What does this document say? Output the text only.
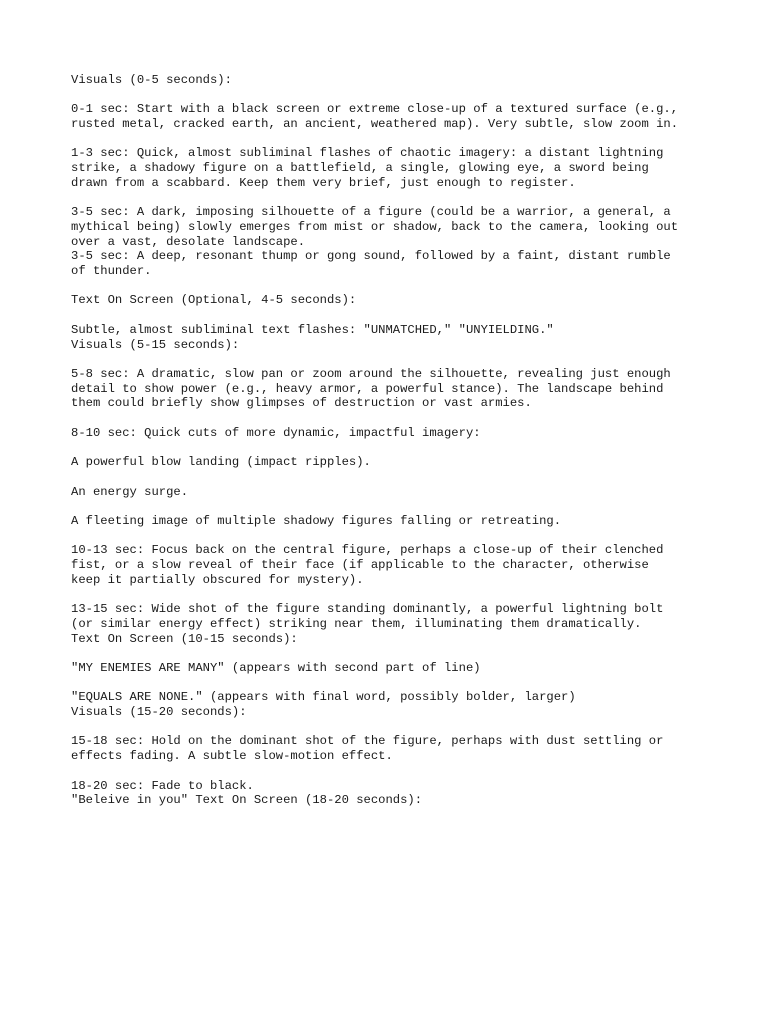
Visuals (0-5 seconds):
0-1 sec: Start with a black screen or extreme close-up of a textured surface (e.g.,
rusted metal, cracked earth, an ancient, weathered map). Very subtle, slow zoom in.
1-3 sec: Quick, almost subliminal flashes of chaotic imagery: a distant lightning
strike, a shadowy figure on a battlefield, a single, glowing eye, a sword being
drawn from a scabbard. Keep them very brief, just enough to register.
3-5 sec: A dark, imposing silhouette of a figure (could be a warrior, a general, a
mythical being) slowly emerges from mist or shadow, back to the camera, looking out
over a vast, desolate landscape.
3-5 sec: A deep, resonant thump or gong sound, followed by a faint, distant rumble
of thunder.
Text On Screen (Optional, 4-5 seconds):
Subtle, almost subliminal text flashes: "UNMATCHED," "UNYIELDING."
Visuals (5-15 seconds):
5-8 sec: A dramatic, slow pan or zoom around the silhouette, revealing just enough
detail to show power (e.g., heavy armor, a powerful stance). The landscape behind
them could briefly show glimpses of destruction or vast armies.
8-10 sec: Quick cuts of more dynamic, impactful imagery:
A powerful blow landing (impact ripples).
An energy surge.
A fleeting image of multiple shadowy figures falling or retreating.
10-13 sec: Focus back on the central figure, perhaps a close-up of their clenched
fist, or a slow reveal of their face (if applicable to the character, otherwise
keep it partially obscured for mystery).
13-15 sec: Wide shot of the figure standing dominantly, a powerful lightning bolt
(or similar energy effect) striking near them, illuminating them dramatically.
Text On Screen (10-15 seconds):
"MY ENEMIES ARE MANY" (appears with second part of line)
"EQUALS ARE NONE." (appears with final word, possibly bolder, larger)
Visuals (15-20 seconds):
15-18 sec: Hold on the dominant shot of the figure, perhaps with dust settling or
effects fading. A subtle slow-motion effect.
18-20 sec: Fade to black.
"Beleive in you" Text On Screen (18-20 seconds):
